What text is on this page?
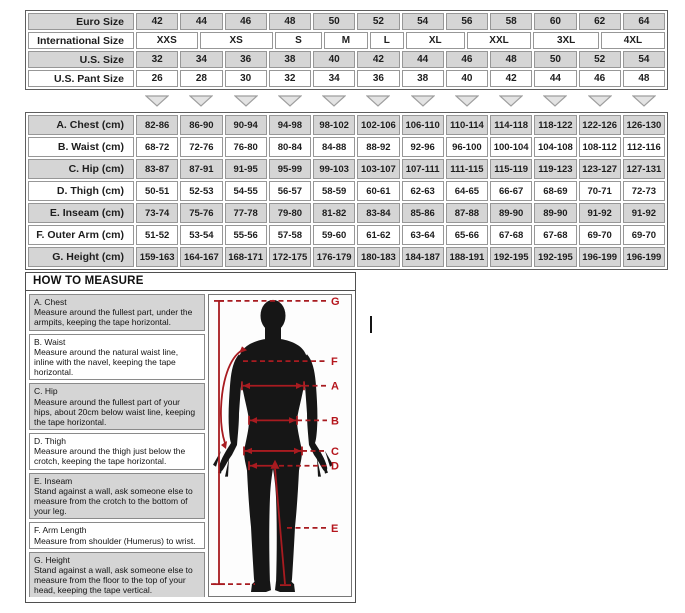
Euro Size	42	44	46	48	50	52	54	56	58	60	62	64
International Size	XXS	XS	S	M	L	XL	XXL	3XL	4XL
U.S. Size	32	34	36	38	40	42	44	46	48	50	52	54
U.S. Pant Size	26	28	30	32	34	36	38	40	42	44	46	48
A. Chest (cm)	82-86	86-90	90-94	94-98	98-102	102-106	106-110	110-114	114-118	118-122	122-126 126-130
B. Waist (cm)	68-72	72-76	76-80	80-84	84-88	88-92	92-96	96-100	100-104 104-108	108-112	112-116
C. Hip (cm)	83-87	87-91	91-95	95-99	99-103	103-107	107-111	111-115	115-119	119-123	123-127 127-131
D. Thigh (cm)	50-51	52-53	54-55	56-57	58-59	60-61	62-63	64-65	66-67	68-69	70-71	72-73
E. Inseam (cm)	73-74	75-76	77-78	79-80	81-82	83-84	85-86	87-88	89-90	89-90	91-92	91-92
F. Outer Arm (cm)	51-52	53-54	55-56	57-58	59-60	61-62	63-64	65-66	67-68	67-68	69-70	69-70
G. Height (cm)	159-163 164-167 168-171 172-175 176-179 180-183 184-187 188-191 192-195 192-195 196-199 196-199
HOW TO MEASURE
A. Chest
Measure around the fullest part, under the armpits, keeping the tape horizontal.
B. Waist
Measure around the natural waist line, inline with the navel, keeping the tape horizontal.
C. Hip
Measure around the fullest part of your hips, about 20cm below waist line, keeping the tape horizontal.
D. Thigh
Measure around the thigh just below the crotch, keeping the tape horizontal.
E. Inseam
Stand against a wall, ask someone else to measure from the crotch to the bottom of your leg.
F. Arm Length
Measure from shoulder (Humerus) to wrist.
G. Height
Stand against a wall, ask someone else to measure from the floor to the top of your head, keeping the tape vertical.
G
F
A
B
C
D
E
